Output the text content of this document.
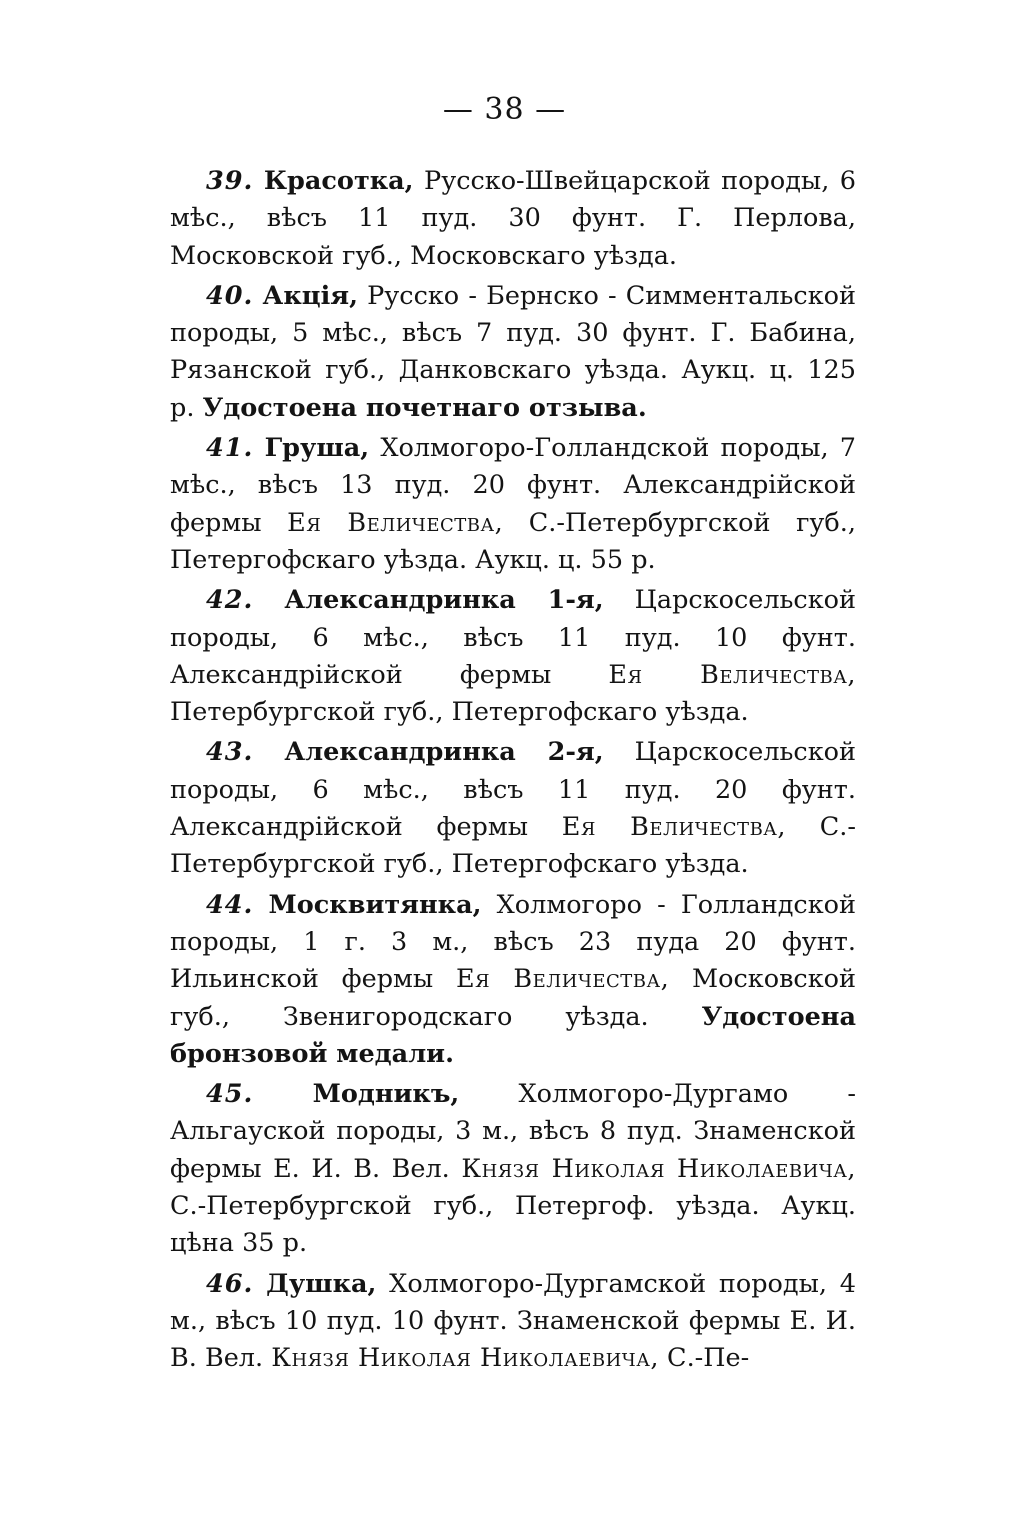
— 38 —

39. Красотка, Русско-Швейцарской породы, 6 мѣс., вѣсъ 11 пуд. 30 фунт. Г. Перлова, Московской губ., Московскаго уѣзда.

40. Акція, Русско - Бернско - Симментальской породы, 5 мѣс., вѣсъ 7 пуд. 30 фунт. Г. Бабина, Рязанской губ., Данковскаго уѣзда. Аукц. ц. 125 р. Удостоена почетнаго отзыва.

41. Груша, Холмогоро-Голландской породы, 7 мѣс., вѣсъ 13 пуд. 20 фунт. Александрійской фермы Ея Величества, С.-Петербургской губ., Петергофскаго уѣзда. Аукц. ц. 55 р.

42. Александринка 1-я, Царскосельской породы, 6 мѣс., вѣсъ 11 пуд. 10 фунт. Александрійской фермы Ея Величества, Петербургской губ., Петергофскаго уѣзда.

43. Александринка 2-я, Царскосельской породы, 6 мѣс., вѣсъ 11 пуд. 20 фунт. Александрійской фермы Ея Величества, С.-Петербургской губ., Петергофскаго уѣзда.

44. Москвитянка, Холмогоро - Голландской породы, 1 г. 3 м., вѣсъ 23 пуда 20 фунт. Ильинской фермы Ея Величества, Московской губ., Звенигородскаго уѣзда. Удостоена бронзовой медали.

45. Модникъ, Холмогоро-Дургамо - Альгауской породы, 3 м., вѣсъ 8 пуд. Знаменской фермы Е. И. В. Вел. Князя Николая Николаевича, С.-Петербургской губ., Петергоф. уѣзда. Аукц. цѣна 35 р.

46. Душка, Холмогоро-Дургамской породы, 4 м., вѣсъ 10 пуд. 10 фунт. Знаменской фермы Е. И. В. Вел. Князя Николая Николаевича, С.-Пе-
